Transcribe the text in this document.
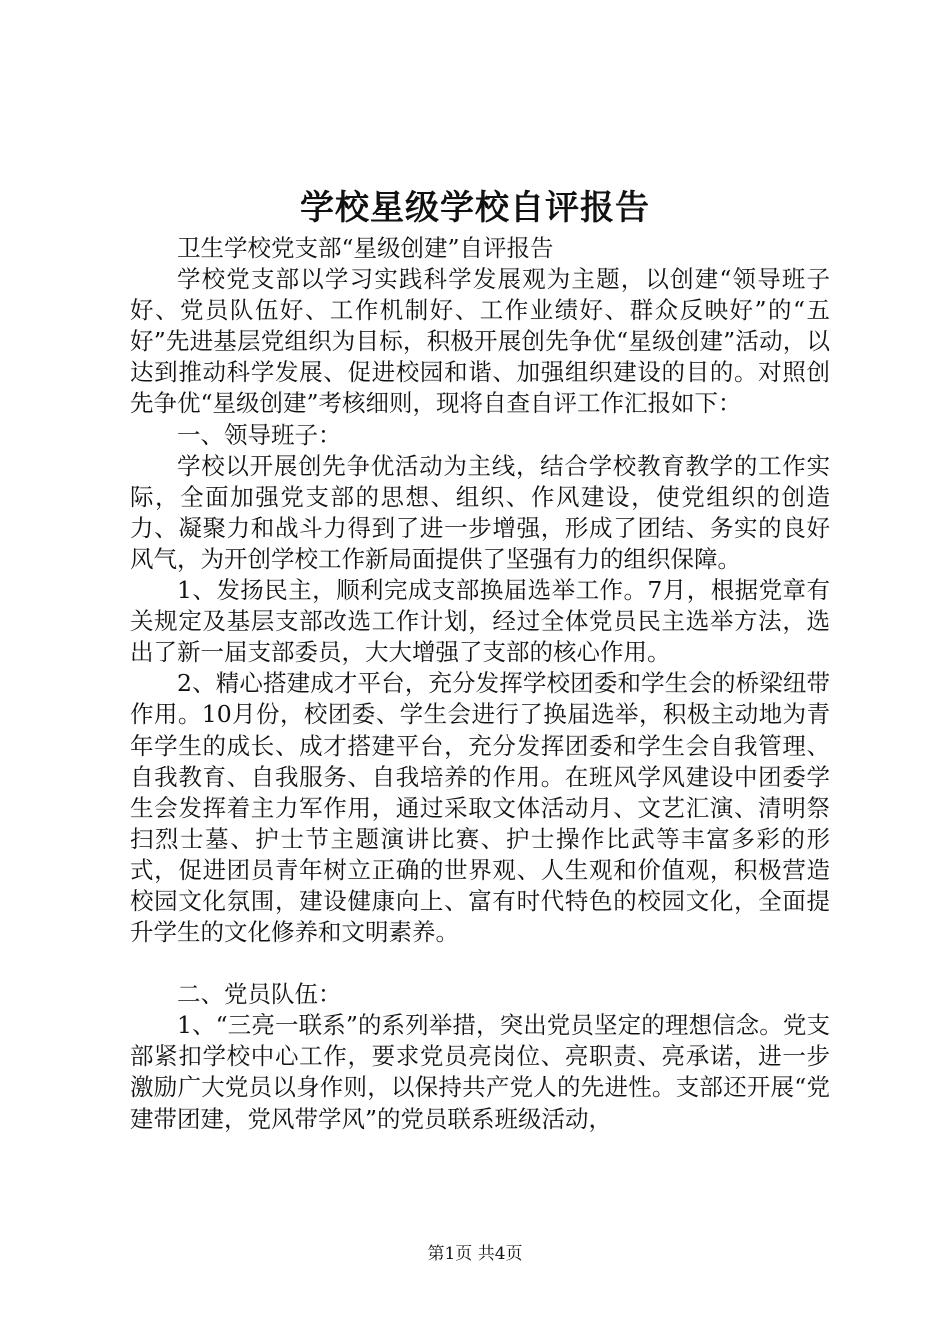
学校星级学校自评报告

卫生学校党支部“星级创建”自评报告

学校党支部以学习实践科学发展观为主题，以创建“领导班子好、党员队伍好、工作机制好、工作业绩好、群众反映好”的“五好”先进基层党组织为目标，积极开展创先争优“星级创建”活动，以达到推动科学发展、促进校园和谐、加强组织建设的目的。对照创先争优“星级创建”考核细则，现将自查自评工作汇报如下：

一、领导班子：

学校以开展创先争优活动为主线，结合学校教育教学的工作实际，全面加强党支部的思想、组织、作风建设，使党组织的创造力、凝聚力和战斗力得到了进一步增强，形成了团结、务实的良好风气，为开创学校工作新局面提供了坚强有力的组织保障。

1、发扬民主，顺利完成支部换届选举工作。7月，根据党章有关规定及基层支部改选工作计划，经过全体党员民主选举方法，选出了新一届支部委员，大大增强了支部的核心作用。

2、精心搭建成才平台，充分发挥学校团委和学生会的桥梁纽带作用。10月份，校团委、学生会进行了换届选举，积极主动地为青年学生的成长、成才搭建平台，充分发挥团委和学生会自我管理、自我教育、自我服务、自我培养的作用。在班风学风建设中团委学生会发挥着主力军作用，通过采取文体活动月、文艺汇演、清明祭扫烈士墓、护士节主题演讲比赛、护士操作比武等丰富多彩的形式，促进团员青年树立正确的世界观、人生观和价值观，积极营造校园文化氛围，建设健康向上、富有时代特色的校园文化，全面提升学生的文化修养和文明素养。

二、党员队伍：

1、“三亮一联系”的系列举措，突出党员坚定的理想信念。党支部紧扣学校中心工作，要求党员亮岗位、亮职责、亮承诺，进一步激励广大党员以身作则，以保持共产党人的先进性。支部还开展“党建带团建，党风带学风”的党员联系班级活动，

第1页 共4页
